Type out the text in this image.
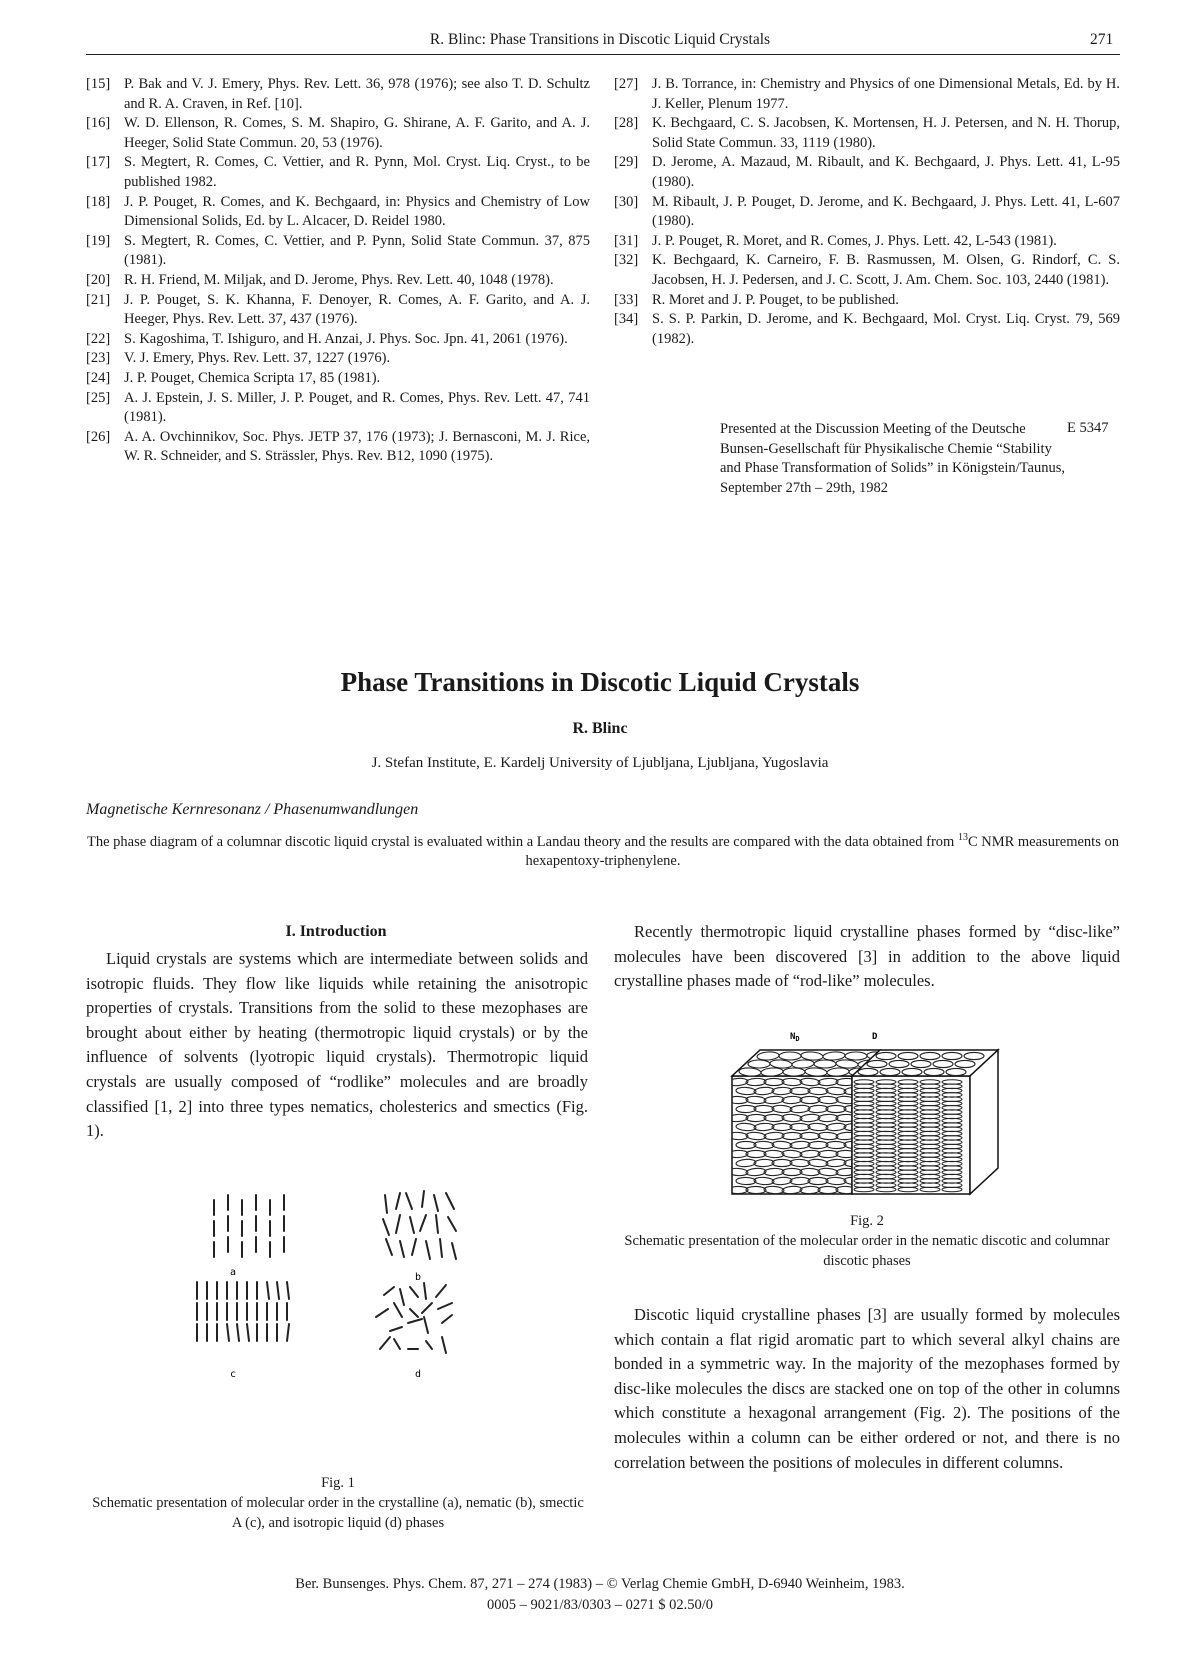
R. Blinc: Phase Transitions in Discotic Liquid Crystals	271
[15] P. Bak and V. J. Emery, Phys. Rev. Lett. 36, 978 (1976); see also T. D. Schultz and R. A. Craven, in Ref. [10].
[16] W. D. Ellenson, R. Comes, S. M. Shapiro, G. Shirane, A. F. Garito, and A. J. Heeger, Solid State Commun. 20, 53 (1976).
[17] S. Megtert, R. Comes, C. Vettier, and R. Pynn, Mol. Cryst. Liq. Cryst., to be published 1982.
[18] J. P. Pouget, R. Comes, and K. Bechgaard, in: Physics and Chemistry of Low Dimensional Solids, Ed. by L. Alcacer, D. Reidel 1980.
[19] S. Megtert, R. Comes, C. Vettier, and P. Pynn, Solid State Commun. 37, 875 (1981).
[20] R. H. Friend, M. Miljak, and D. Jerome, Phys. Rev. Lett. 40, 1048 (1978).
[21] J. P. Pouget, S. K. Khanna, F. Denoyer, R. Comes, A. F. Garito, and A. J. Heeger, Phys. Rev. Lett. 37, 437 (1976).
[22] S. Kagoshima, T. Ishiguro, and H. Anzai, J. Phys. Soc. Jpn. 41, 2061 (1976).
[23] V. J. Emery, Phys. Rev. Lett. 37, 1227 (1976).
[24] J. P. Pouget, Chemica Scripta 17, 85 (1981).
[25] A. J. Epstein, J. S. Miller, J. P. Pouget, and R. Comes, Phys. Rev. Lett. 47, 741 (1981).
[26] A. A. Ovchinnikov, Soc. Phys. JETP 37, 176 (1973); J. Bernasconi, M. J. Rice, W. R. Schneider, and S. Strässler, Phys. Rev. B12, 1090 (1975).
[27] J. B. Torrance, in: Chemistry and Physics of one Dimensional Metals, Ed. by H. J. Keller, Plenum 1977.
[28] K. Bechgaard, C. S. Jacobsen, K. Mortensen, H. J. Petersen, and N. H. Thorup, Solid State Commun. 33, 1119 (1980).
[29] D. Jerome, A. Mazaud, M. Ribault, and K. Bechgaard, J. Phys. Lett. 41, L-95 (1980).
[30] M. Ribault, J. P. Pouget, D. Jerome, and K. Bechgaard, J. Phys. Lett. 41, L-607 (1980).
[31] J. P. Pouget, R. Moret, and R. Comes, J. Phys. Lett. 42, L-543 (1981).
[32] K. Bechgaard, K. Carneiro, F. B. Rasmussen, M. Olsen, G. Rindorf, C. S. Jacobsen, H. J. Pedersen, and J. C. Scott, J. Am. Chem. Soc. 103, 2440 (1981).
[33] R. Moret and J. P. Pouget, to be published.
[34] S. S. P. Parkin, D. Jerome, and K. Bechgaard, Mol. Cryst. Liq. Cryst. 79, 569 (1982).
Presented at the Discussion Meeting of the Deutsche Bunsen-Gesellschaft für Physikalische Chemie “Stability and Phase Transformation of Solids” in Königstein/Taunus, September 27th – 29th, 1982
E 5347
Phase Transitions in Discotic Liquid Crystals
R. Blinc
J. Stefan Institute, E. Kardelj University of Ljubljana, Ljubljana, Yugoslavia
Magnetische Kernresonanz / Phasenumwandlungen
The phase diagram of a columnar discotic liquid crystal is evaluated within a Landau theory and the results are compared with the data obtained from $^{13}$C NMR measurements on hexapentoxy-triphenylene.
I. Introduction
Liquid crystals are systems which are intermediate between solids and isotropic fluids. They flow like liquids while retaining the anisotropic properties of crystals. Transitions from the solid to these mezophases are brought about either by heating (thermotropic liquid crystals) or by the influence of solvents (lyotropic liquid crystals). Thermotropic liquid crystals are usually composed of “rodlike” molecules and are broadly classified [1, 2] into three types nematics, cholesterics and smectics (Fig. 1).
a	b
c	d
Fig. 1
Schematic presentation of molecular order in the crystalline (a), nematic (b), smectic A (c), and isotropic liquid (d) phases
Recently thermotropic liquid crystalline phases formed by “disc-like” molecules have been discovered [3] in addition to the above liquid crystalline phases made of “rod-like” molecules.
$N_D$	D
Fig. 2
Schematic presentation of the molecular order in the nematic discotic and columnar discotic phases
Discotic liquid crystalline phases [3] are usually formed by molecules which contain a flat rigid aromatic part to which several alkyl chains are bonded in a symmetric way. In the majority of the mezophases formed by disc-like molecules the discs are stacked one on top of the other in columns which constitute a hexagonal arrangement (Fig. 2). The positions of the molecules within a column can be either ordered or not, and there is no correlation between the positions of molecules in different columns.
Ber. Bunsenges. Phys. Chem. 87, 271 – 274 (1983) – © Verlag Chemie GmbH, D-6940 Weinheim, 1983.
0005 – 9021/83/0303 – 0271 $ 02.50/0
